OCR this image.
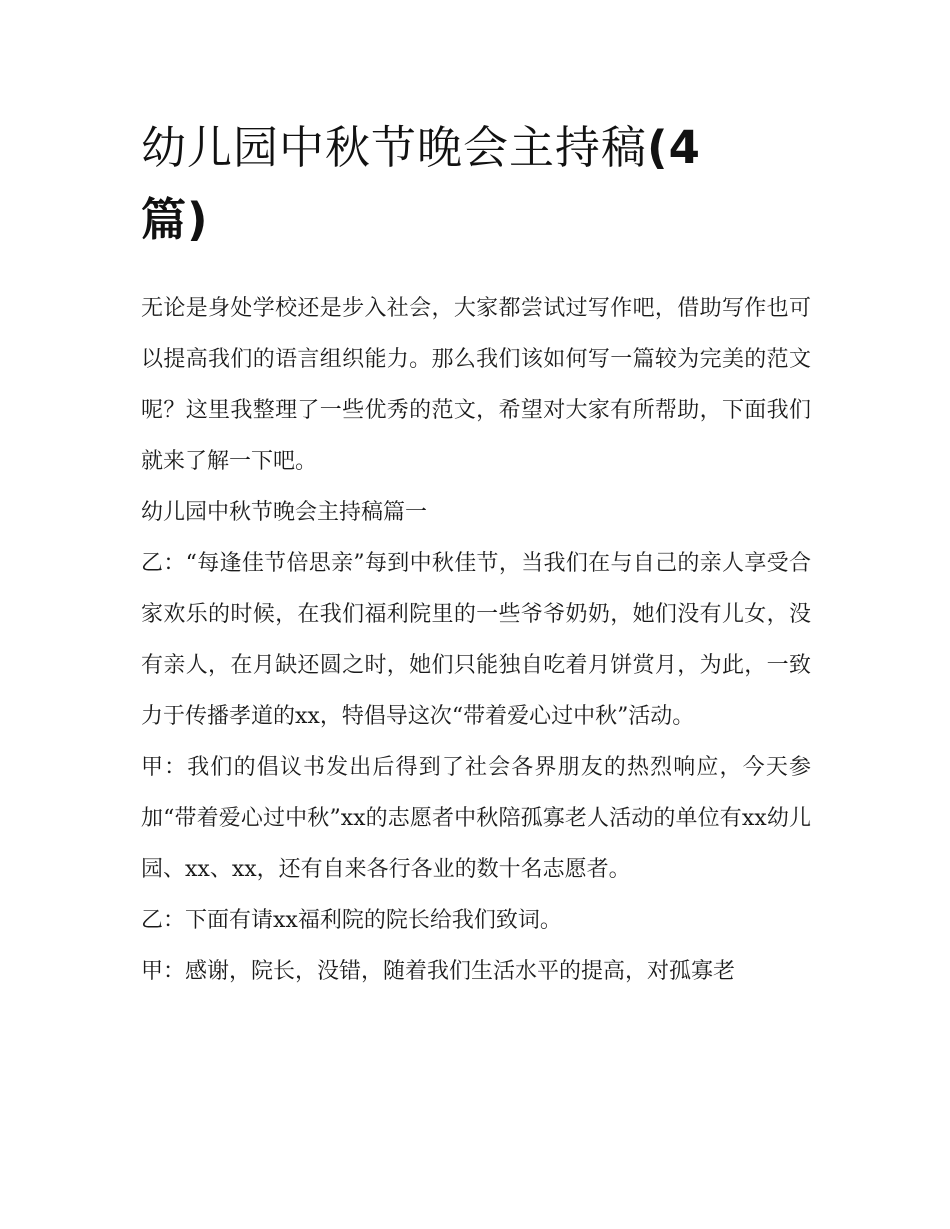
幼儿园中秋节晚会主持稿(4
篇)

无论是身处学校还是步入社会，大家都尝试过写作吧，借助写作也可以提高我们的语言组织能力。那么我们该如何写一篇较为完美的范文呢？这里我整理了一些优秀的范文，希望对大家有所帮助，下面我们就来了解一下吧。

幼儿园中秋节晚会主持稿篇一

乙：“每逢佳节倍思亲”每到中秋佳节，当我们在与自己的亲人享受合家欢乐的时候，在我们福利院里的一些爷爷奶奶，她们没有儿女，没有亲人，在月缺还圆之时，她们只能独自吃着月饼赏月，为此，一致力于传播孝道的xx，特倡导这次“带着爱心过中秋”活动。

甲：我们的倡议书发出后得到了社会各界朋友的热烈响应，今天参加“带着爱心过中秋”xx的志愿者中秋陪孤寡老人活动的单位有xx幼儿园、xx、xx，还有自来各行各业的数十名志愿者。

乙：下面有请xx福利院的院长给我们致词。

甲：感谢，院长，没错，随着我们生活水平的提高，对孤寡老
